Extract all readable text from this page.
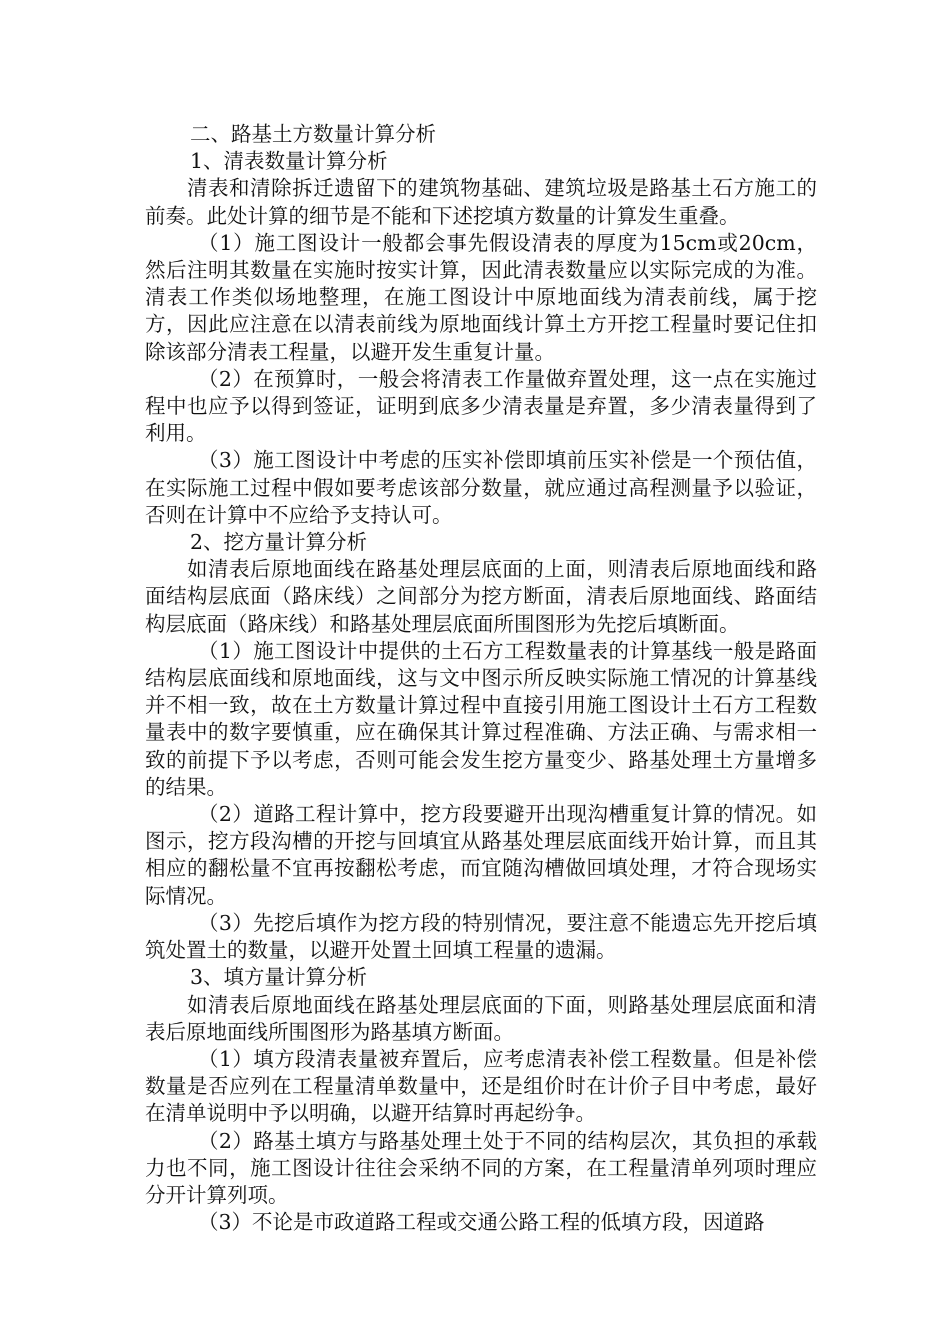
二、路基土方数量计算分析

1、清表数量计算分析

清表和清除拆迁遗留下的建筑物基础、建筑垃圾是路基土石方施工的前奏。此处计算的细节是不能和下述挖填方数量的计算发生重叠。

（1）施工图设计一般都会事先假设清表的厚度为15cm或20cm，然后注明其数量在实施时按实计算，因此清表数量应以实际完成的为准。清表工作类似场地整理，在施工图设计中原地面线为清表前线，属于挖方，因此应注意在以清表前线为原地面线计算土方开挖工程量时要记住扣除该部分清表工程量，以避开发生重复计量。

（2）在预算时，一般会将清表工作量做弃置处理，这一点在实施过程中也应予以得到签证，证明到底多少清表量是弃置，多少清表量得到了利用。

（3）施工图设计中考虑的压实补偿即填前压实补偿是一个预估值，在实际施工过程中假如要考虑该部分数量，就应通过高程测量予以验证，否则在计算中不应给予支持认可。

2、挖方量计算分析

如清表后原地面线在路基处理层底面的上面，则清表后原地面线和路面结构层底面（路床线）之间部分为挖方断面，清表后原地面线、路面结构层底面（路床线）和路基处理层底面所围图形为先挖后填断面。

（1）施工图设计中提供的土石方工程数量表的计算基线一般是路面结构层底面线和原地面线，这与文中图示所反映实际施工情况的计算基线并不相一致，故在土方数量计算过程中直接引用施工图设计土石方工程数量表中的数字要慎重，应在确保其计算过程准确、方法正确、与需求相一致的前提下予以考虑，否则可能会发生挖方量变少、路基处理土方量增多的结果。

（2）道路工程计算中，挖方段要避开出现沟槽重复计算的情况。如图示，挖方段沟槽的开挖与回填宜从路基处理层底面线开始计算，而且其相应的翻松量不宜再按翻松考虑，而宜随沟槽做回填处理，才符合现场实际情况。

（3）先挖后填作为挖方段的特别情况，要注意不能遗忘先开挖后填筑处置土的数量，以避开处置土回填工程量的遗漏。

3、填方量计算分析

如清表后原地面线在路基处理层底面的下面，则路基处理层底面和清表后原地面线所围图形为路基填方断面。

（1）填方段清表量被弃置后，应考虑清表补偿工程数量。但是补偿数量是否应列在工程量清单数量中，还是组价时在计价子目中考虑，最好在清单说明中予以明确，以避开结算时再起纷争。

（2）路基土填方与路基处理土处于不同的结构层次，其负担的承载力也不同，施工图设计往往会采纳不同的方案，在工程量清单列项时理应分开计算列项。

（3）不论是市政道路工程或交通公路工程的低填方段，因道路
